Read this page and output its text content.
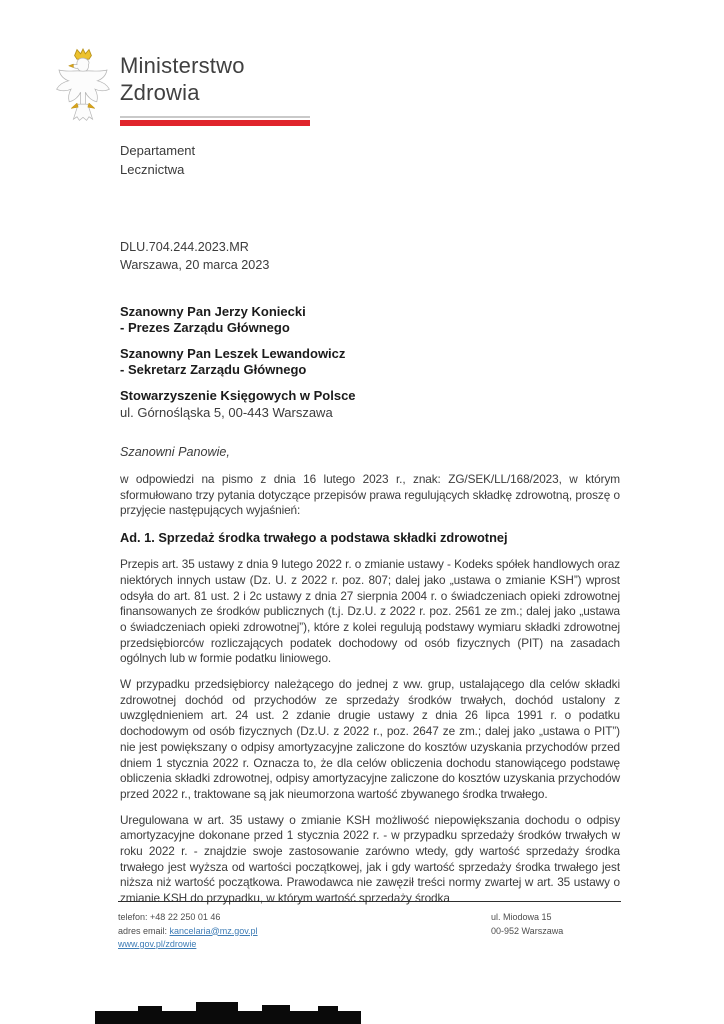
Ministerstwo
Zdrowia
Departament
Lecznictwa
DLU.704.244.2023.MR
Warszawa, 20 marca 2023
Szanowny Pan Jerzy Koniecki
- Prezes Zarządu Głównego
Szanowny Pan Leszek Lewandowicz
- Sekretarz Zarządu Głównego
Stowarzyszenie Księgowych w Polsce
ul. Górnośląska 5, 00-443 Warszawa
Szanowni Panowie,
w odpowiedzi na pismo z dnia 16 lutego 2023 r., znak: ZG/SEK/LL/168/2023, w którym sformułowano trzy pytania dotyczące przepisów prawa regulujących składkę zdrowotną, proszę o przyjęcie następujących wyjaśnień:
Ad. 1. Sprzedaż środka trwałego a podstawa składki zdrowotnej
Przepis art. 35 ustawy z dnia 9 lutego 2022 r. o zmianie ustawy - Kodeks spółek handlowych oraz niektórych innych ustaw (Dz. U. z 2022 r. poz. 807; dalej jako „ustawa o zmianie KSH”) wprost odsyła do art. 81 ust. 2 i 2c ustawy z dnia 27 sierpnia 2004 r. o świadczeniach opieki zdrowotnej finansowanych ze środków publicznych (t.j. Dz.U. z 2022 r. poz. 2561 ze zm.; dalej jako „ustawa o świadczeniach opieki zdrowotnej”), które z kolei regulują podstawy wymiaru składki zdrowotnej przedsiębiorców rozliczających podatek dochodowy od osób fizycznych (PIT) na zasadach ogólnych lub w formie podatku liniowego.
W przypadku przedsiębiorcy należącego do jednej z ww. grup, ustalającego dla celów składki zdrowotnej dochód od przychodów ze sprzedaży środków trwałych, dochód ustalony z uwzględnieniem art. 24 ust. 2 zdanie drugie ustawy z dnia 26 lipca 1991 r. o podatku dochodowym od osób fizycznych (Dz.U. z 2022 r., poz. 2647 ze zm.; dalej jako „ustawa o PIT”) nie jest powiększany o odpisy amortyzacyjne zaliczone do kosztów uzyskania przychodów przed dniem 1 stycznia 2022 r. Oznacza to, że dla celów obliczenia dochodu stanowiącego podstawę obliczenia składki zdrowotnej, odpisy amortyzacyjne zaliczone do kosztów uzyskania przychodów przed 2022 r., traktowane są jak nieumorzona wartość zbywanego środka trwałego.
Uregulowana w art. 35 ustawy o zmianie KSH możliwość niepowiększania dochodu o odpisy amortyzacyjne dokonane przed 1 stycznia 2022 r. - w przypadku sprzedaży środków trwałych w roku 2022 r. - znajdzie swoje zastosowanie zarówno wtedy, gdy wartość sprzedaży środka trwałego jest wyższa od wartości początkowej, jak i gdy wartość sprzedaży środka trwałego jest niższa niż wartość początkowa. Prawodawca nie zawęził treści normy zwartej w art. 35 ustawy o zmianie KSH do przypadku, w którym wartość sprzedaży środka
telefon: +48 22 250 01 46
adres email: kancelaria@mz.gov.pl
www.gov.pl/zdrowie
ul. Miodowa 15
00-952 Warszawa
